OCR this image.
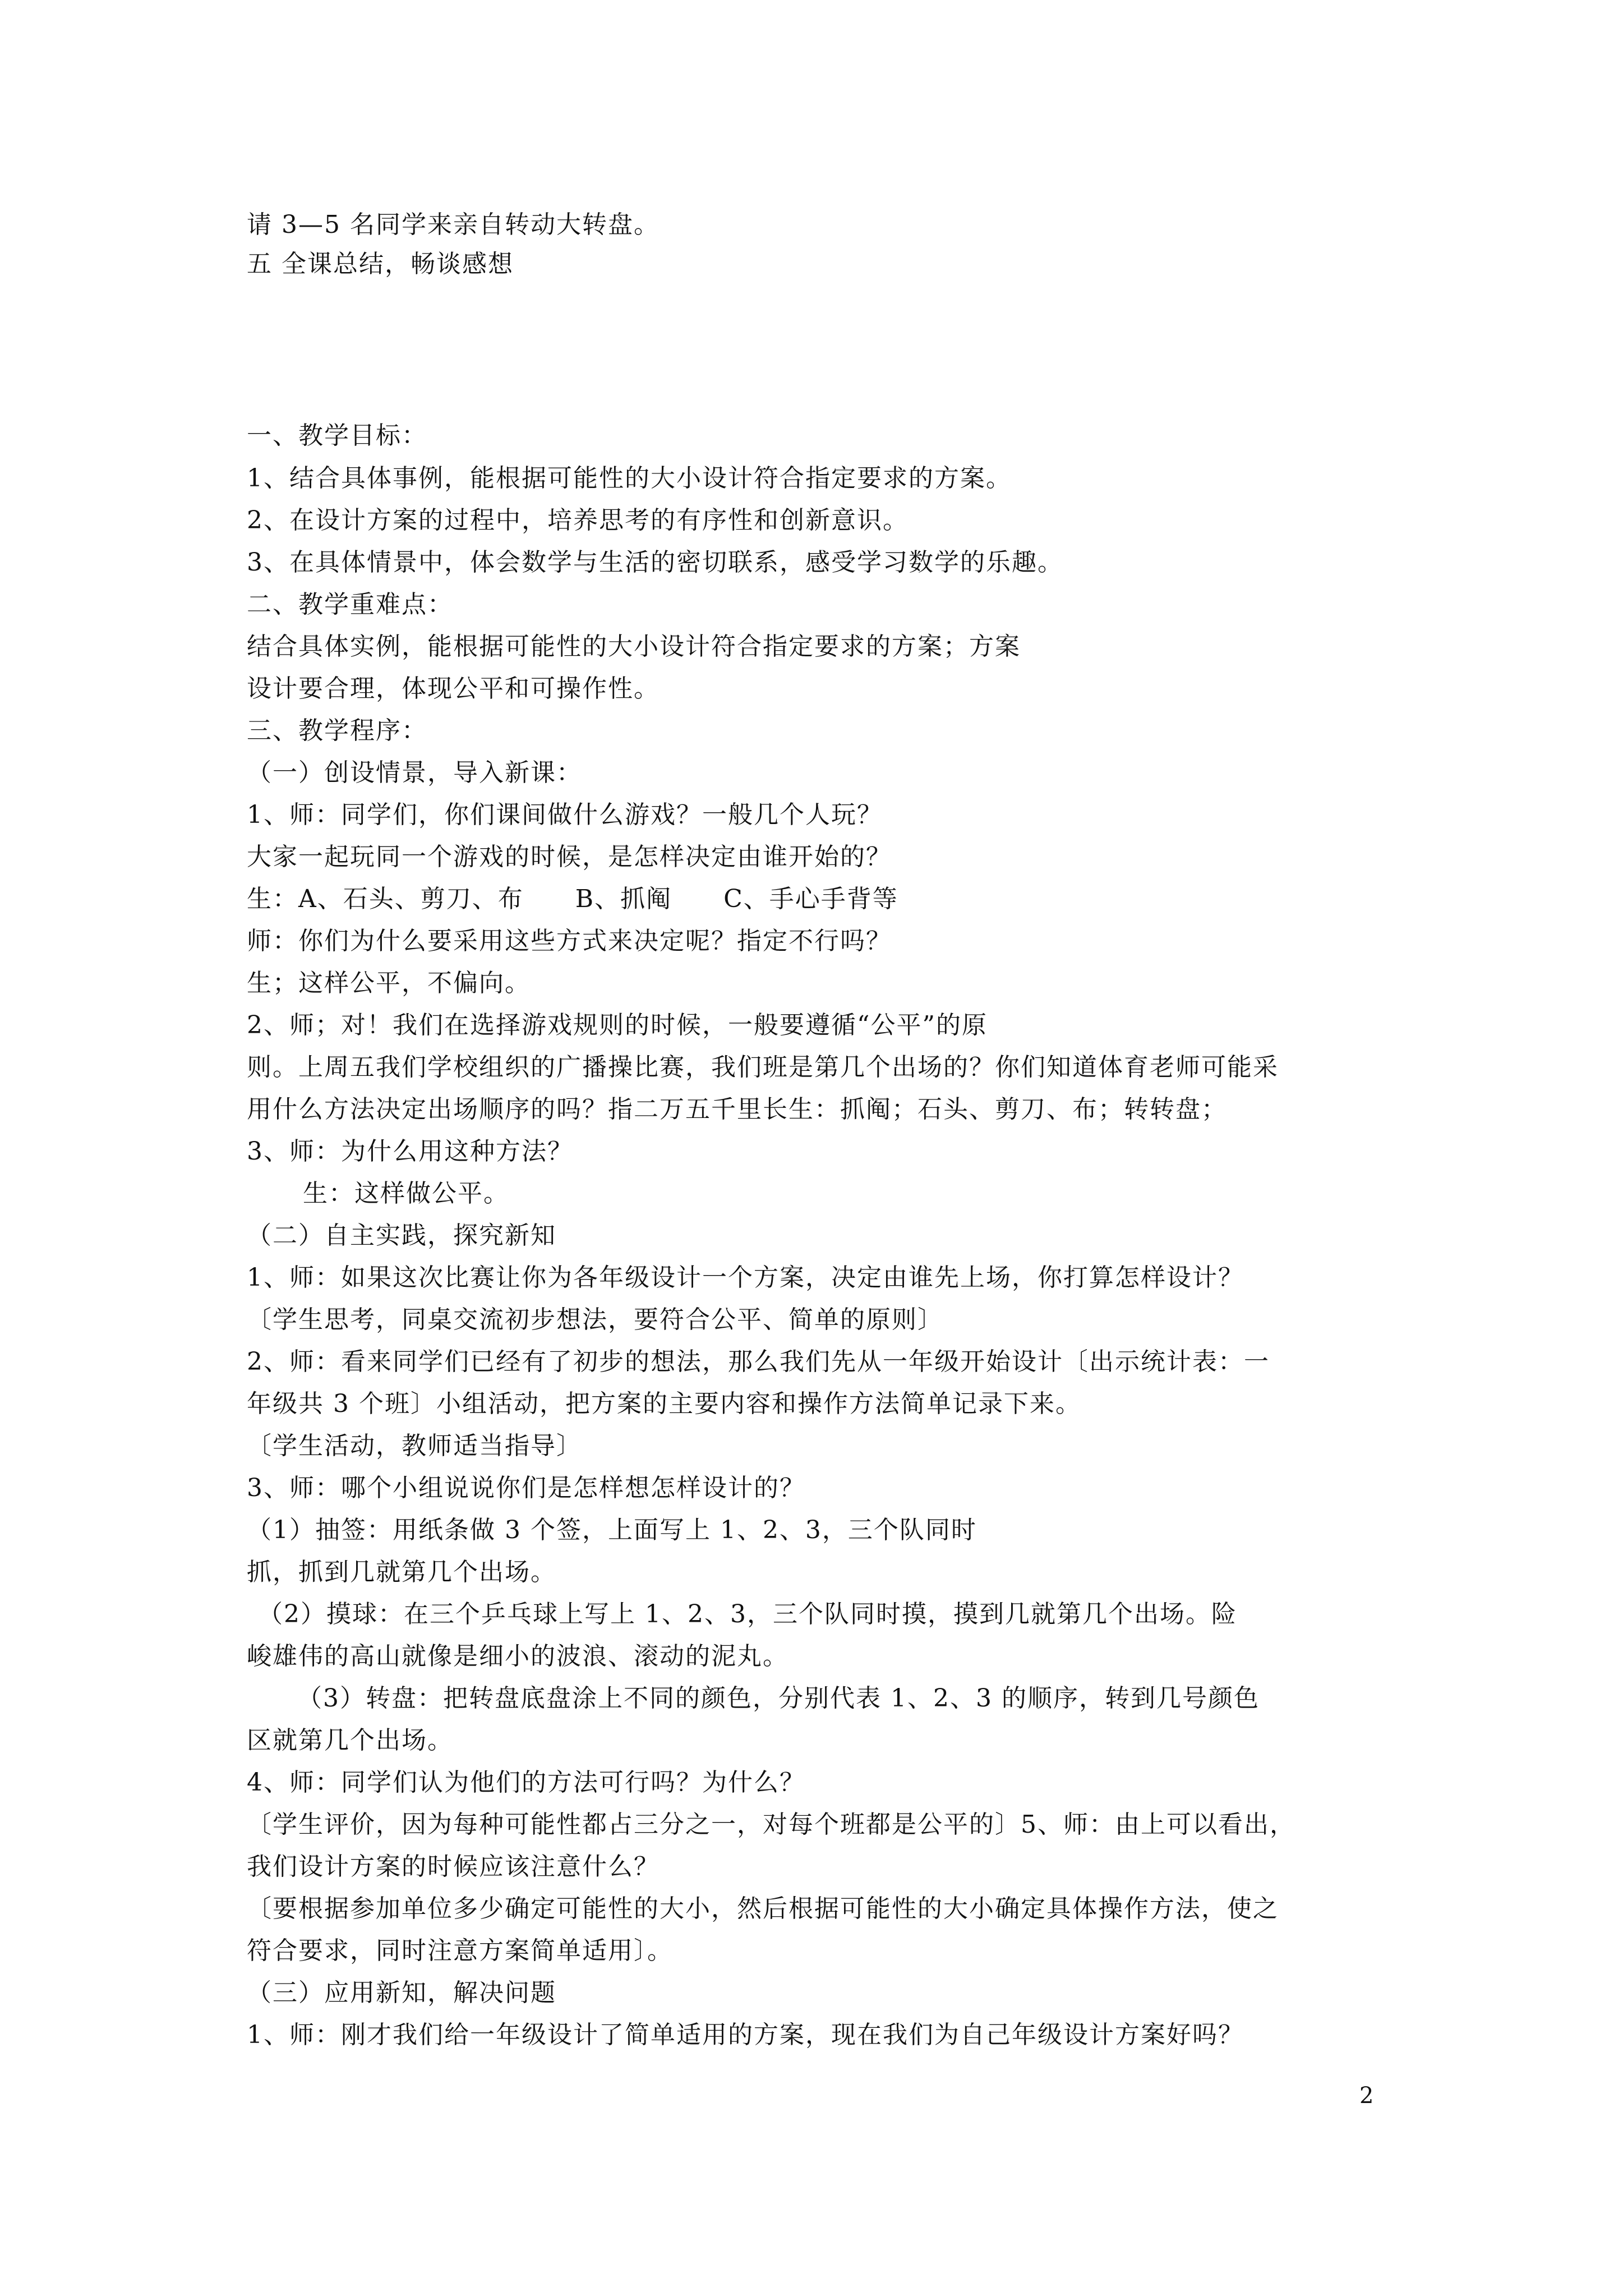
请 3—5 名同学来亲自转动大转盘。
五 全课总结，畅谈感想
一、教学目标：
1、结合具体事例，能根据可能性的大小设计符合指定要求的方案。
2、在设计方案的过程中，培养思考的有序性和创新意识。
3、在具体情景中，体会数学与生活的密切联系，感受学习数学的乐趣。
二、教学重难点：
结合具体实例，能根据可能性的大小设计符合指定要求的方案；方案
设计要合理，体现公平和可操作性。
三、教学程序：
（一）创设情景，导入新课：
1、师：同学们，你们课间做什么游戏？一般几个人玩？
大家一起玩同一个游戏的时候，是怎样决定由谁开始的？
生：A、石头、剪刀、布　　B、抓阄　　C、手心手背等
师：你们为什么要采用这些方式来决定呢？指定不行吗？
生；这样公平，不偏向。
2、师；对！我们在选择游戏规则的时候，一般要遵循“公平”的原
则。上周五我们学校组织的广播操比赛，我们班是第几个出场的？你们知道体育老师可能采
用什么方法决定出场顺序的吗？指二万五千里长生：抓阄；石头、剪刀、布；转转盘；
3、师：为什么用这种方法？
生：这样做公平。
（二）自主实践，探究新知
1、师：如果这次比赛让你为各年级设计一个方案，决定由谁先上场，你打算怎样设计？
〔学生思考，同桌交流初步想法，要符合公平、简单的原则〕
2、师：看来同学们已经有了初步的想法，那么我们先从一年级开始设计〔出示统计表：一
年级共 3 个班〕小组活动，把方案的主要内容和操作方法简单记录下来。
〔学生活动，教师适当指导〕
3、师：哪个小组说说你们是怎样想怎样设计的？
（1）抽签：用纸条做 3 个签，上面写上 1、2、3，三个队同时
抓，抓到几就第几个出场。
（2）摸球：在三个乒乓球上写上 1、2、3，三个队同时摸，摸到几就第几个出场。险
峻雄伟的高山就像是细小的波浪、滚动的泥丸。
（3）转盘：把转盘底盘涂上不同的颜色，分别代表 1、2、3 的顺序，转到几号颜色
区就第几个出场。
4、师：同学们认为他们的方法可行吗？为什么？
〔学生评价，因为每种可能性都占三分之一，对每个班都是公平的〕5、师：由上可以看出，
我们设计方案的时候应该注意什么？
〔要根据参加单位多少确定可能性的大小，然后根据可能性的大小确定具体操作方法，使之
符合要求，同时注意方案简单适用〕。
（三）应用新知，解决问题
1、师：刚才我们给一年级设计了简单适用的方案，现在我们为自己年级设计方案好吗？
2
